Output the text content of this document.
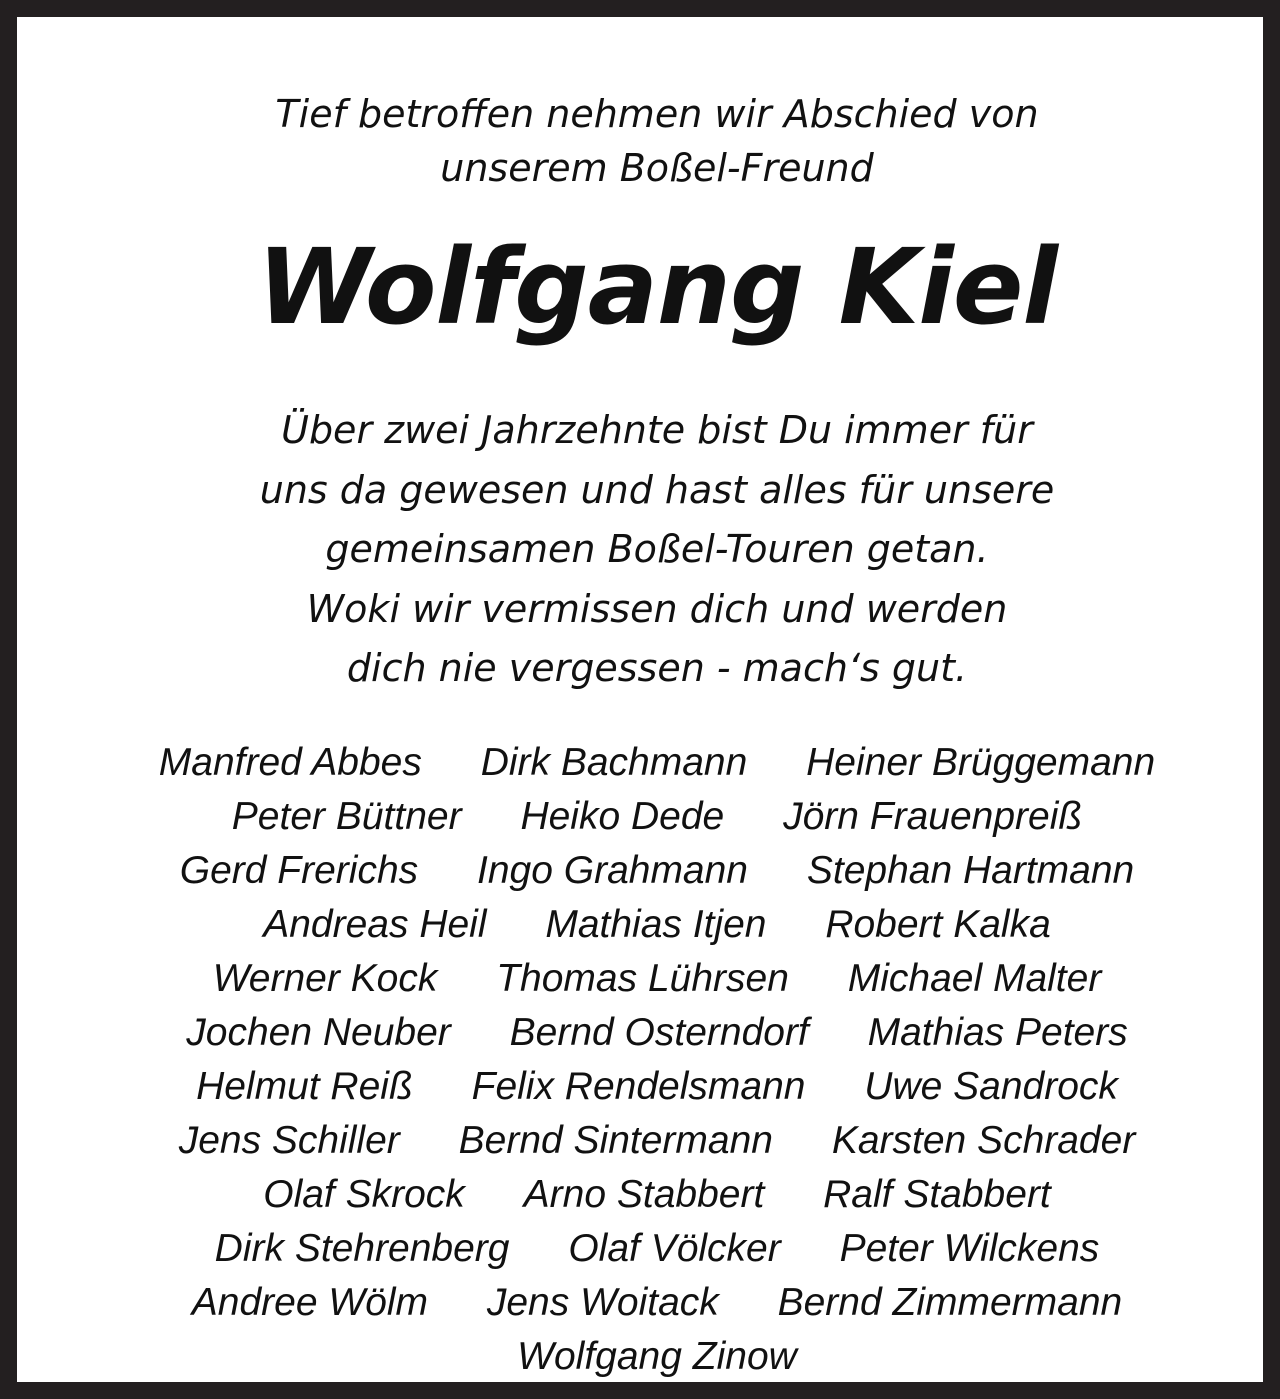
Tief betroffen nehmen wir Abschied von
unserem Boßel-Freund
Wolfgang Kiel
Über zwei Jahrzehnte bist Du immer für
uns da gewesen und hast alles für unsere
gemeinsamen Boßel-Touren getan.
Woki wir vermissen dich und werden
dich nie vergessen - mach‘s gut.
Manfred Abbes Dirk Bachmann Heiner Brüggemann
Peter Büttner Heiko Dede Jörn Frauenpreiß
Gerd Frerichs Ingo Grahmann Stephan Hartmann
Andreas Heil Mathias Itjen Robert Kalka
Werner Kock Thomas Lührsen Michael Malter
Jochen Neuber Bernd Osterndorf Mathias Peters
Helmut Reiß Felix Rendelsmann Uwe Sandrock
Jens Schiller Bernd Sintermann Karsten Schrader
Olaf Skrock Arno Stabbert Ralf Stabbert
Dirk Stehrenberg Olaf Völcker Peter Wilckens
Andree Wölm Jens Woitack Bernd Zimmermann
Wolfgang Zinow
